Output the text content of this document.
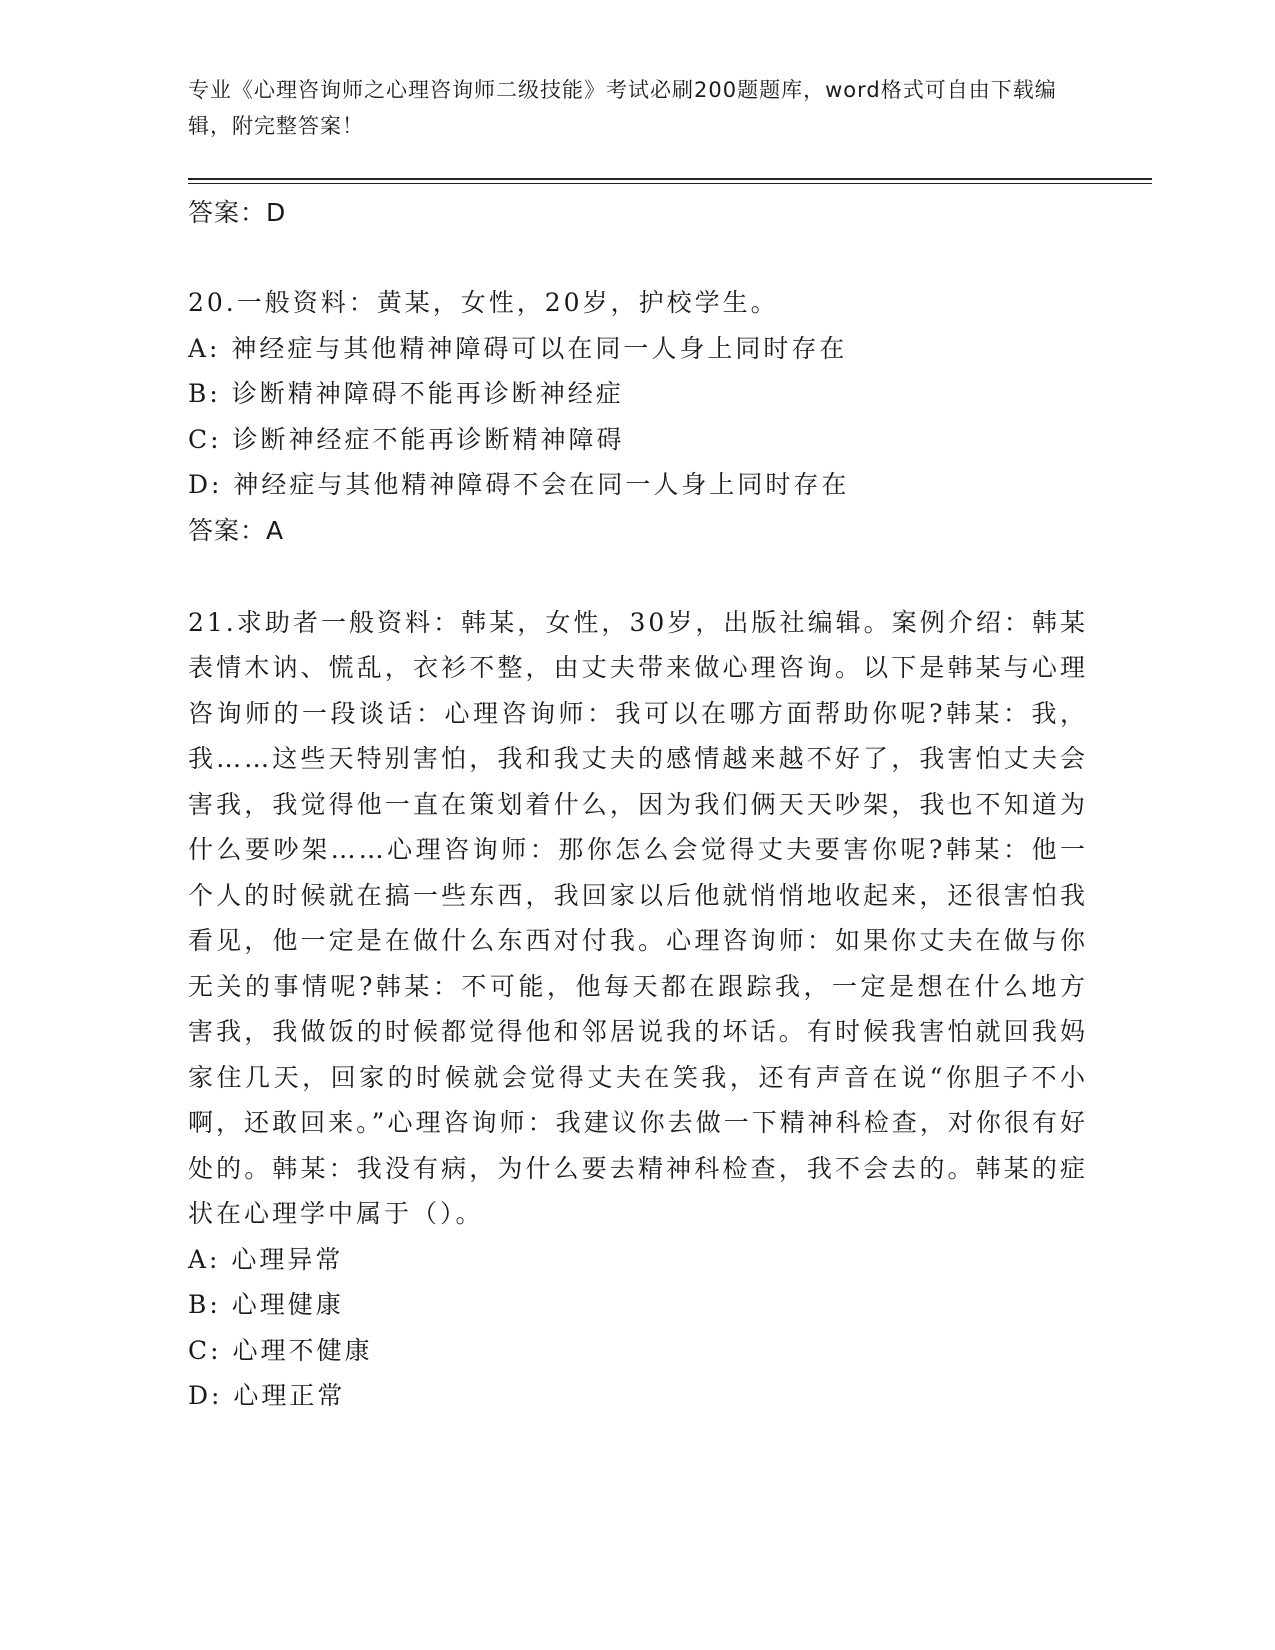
专业《心理咨询师之心理咨询师二级技能》考试必刷200题题库，word格式可自由下载编辑，附完整答案！
答案：D
20.一般资料：黄某，女性，20岁，护校学生。
A: 神经症与其他精神障碍可以在同一人身上同时存在
B: 诊断精神障碍不能再诊断神经症
C: 诊断神经症不能再诊断精神障碍
D: 神经症与其他精神障碍不会在同一人身上同时存在
答案：A
21.求助者一般资料：韩某，女性，30岁，出版社编辑。案例介绍：韩某表情木讷、慌乱，衣衫不整，由丈夫带来做心理咨询。以下是韩某与心理咨询师的一段谈话：心理咨询师：我可以在哪方面帮助你呢?韩某：我，我……这些天特别害怕，我和我丈夫的感情越来越不好了，我害怕丈夫会害我，我觉得他一直在策划着什么，因为我们俩天天吵架，我也不知道为什么要吵架……心理咨询师：那你怎么会觉得丈夫要害你呢?韩某：他一个人的时候就在搞一些东西，我回家以后他就悄悄地收起来，还很害怕我看见，他一定是在做什么东西对付我。心理咨询师：如果你丈夫在做与你无关的事情呢?韩某：不可能，他每天都在跟踪我，一定是想在什么地方害我，我做饭的时候都觉得他和邻居说我的坏话。有时候我害怕就回我妈家住几天，回家的时候就会觉得丈夫在笑我，还有声音在说“你胆子不小啊，还敢回来。”心理咨询师：我建议你去做一下精神科检查，对你很有好处的。韩某：我没有病，为什么要去精神科检查，我不会去的。韩某的症状在心理学中属于（）。
A: 心理异常
B: 心理健康
C: 心理不健康
D: 心理正常
